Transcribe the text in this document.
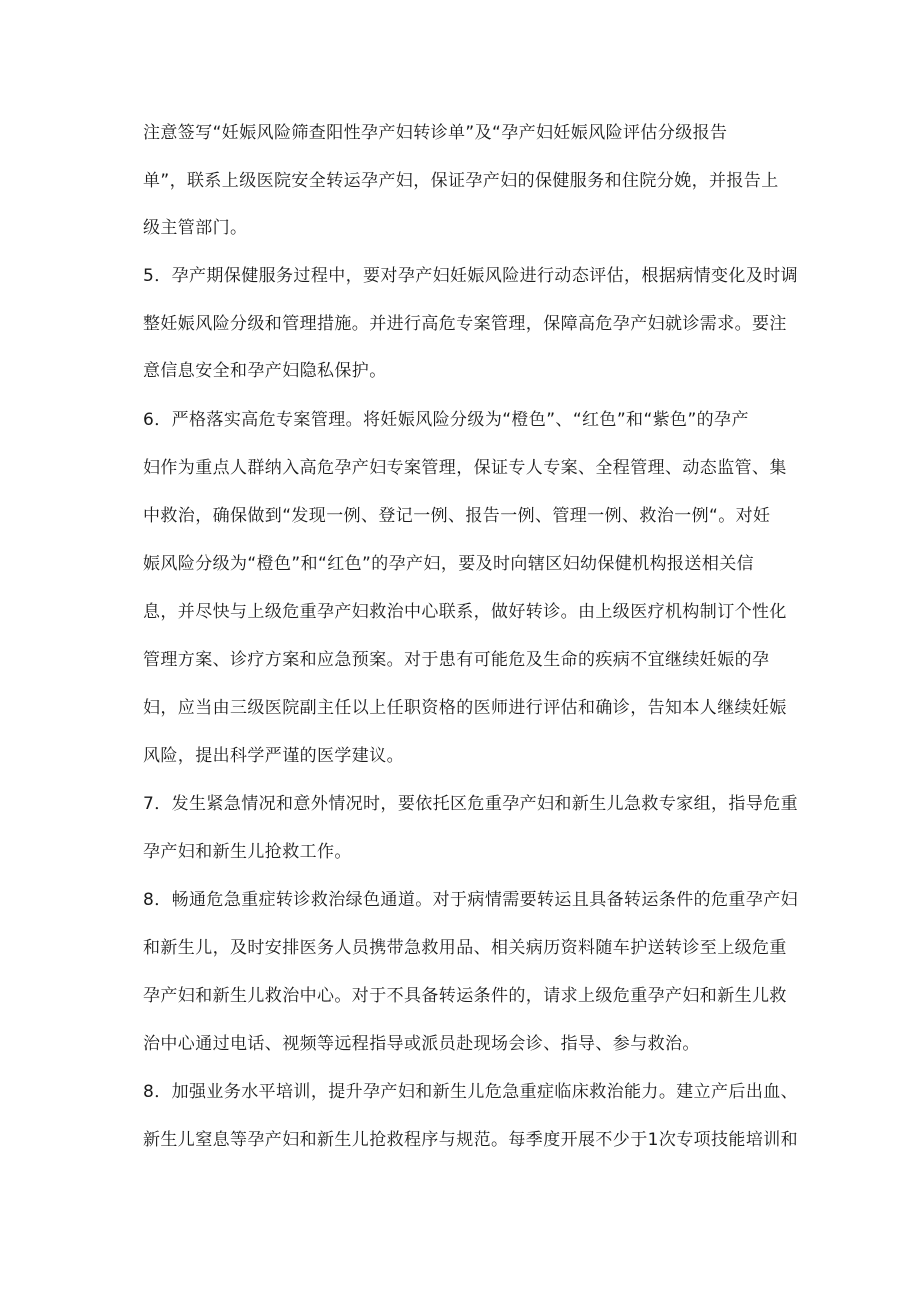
注意签写“妊娠风险筛查阳性孕产妇转诊单”及“孕产妇妊娠风险评估分级报告

单”，联系上级医院安全转运孕产妇，保证孕产妇的保健服务和住院分娩，并报告上

级主管部门。

5．孕产期保健服务过程中，要对孕产妇妊娠风险进行动态评估，根据病情变化及时调

整妊娠风险分级和管理措施。并进行高危专案管理，保障高危孕产妇就诊需求。要注

意信息安全和孕产妇隐私保护。

6．严格落实高危专案管理。将妊娠风险分级为“橙色”、“红色”和“紫色”的孕产

妇作为重点人群纳入高危孕产妇专案管理，保证专人专案、全程管理、动态监管、集

中救治，确保做到“发现一例、登记一例、报告一例、管理一例、救治一例“。对妊

娠风险分级为“橙色”和“红色”的孕产妇，要及时向辖区妇幼保健机构报送相关信

息，并尽快与上级危重孕产妇救治中心联系，做好转诊。由上级医疗机构制订个性化

管理方案、诊疗方案和应急预案。对于患有可能危及生命的疾病不宜继续妊娠的孕

妇，应当由三级医院副主任以上任职资格的医师进行评估和确诊，告知本人继续妊娠

风险，提出科学严谨的医学建议。

7．发生紧急情况和意外情况时，要依托区危重孕产妇和新生儿急救专家组，指导危重

孕产妇和新生儿抢救工作。

8．畅通危急重症转诊救治绿色通道。对于病情需要转运且具备转运条件的危重孕产妇

和新生儿，及时安排医务人员携带急救用品、相关病历资料随车护送转诊至上级危重

孕产妇和新生儿救治中心。对于不具备转运条件的，请求上级危重孕产妇和新生儿救

治中心通过电话、视频等远程指导或派员赴现场会诊、指导、参与救治。

8．加强业务水平培训，提升孕产妇和新生儿危急重症临床救治能力。建立产后出血、

新生儿窒息等孕产妇和新生儿抢救程序与规范。每季度开展不少于1次专项技能培训和
